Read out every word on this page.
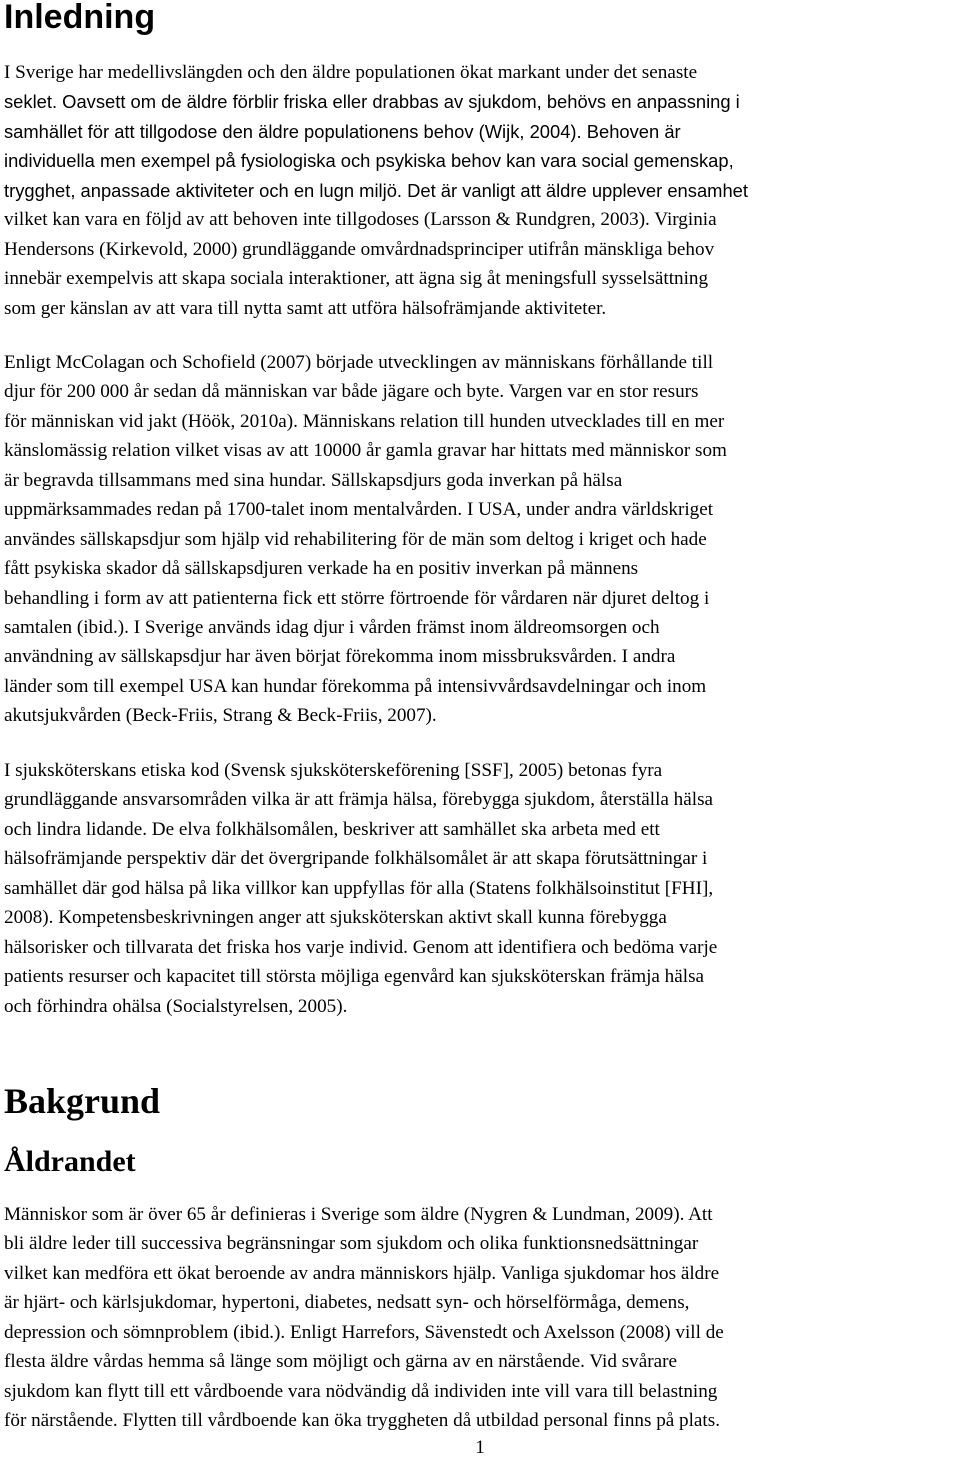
Inledning

I Sverige har medellivslängden och den äldre populationen ökat markant under det senaste
seklet. Oavsett om de äldre förblir friska eller drabbas av sjukdom, behövs en anpassning i
samhället för att tillgodose den äldre populationens behov (Wijk, 2004). Behoven är
individuella men exempel på fysiologiska och psykiska behov kan vara social gemenskap,
trygghet, anpassade aktiviteter och en lugn miljö. Det är vanligt att äldre upplever ensamhet
vilket kan vara en följd av att behoven inte tillgodoses (Larsson & Rundgren, 2003). Virginia
Hendersons (Kirkevold, 2000) grundläggande omvårdnadsprinciper utifrån mänskliga behov
innebär exempelvis att skapa sociala interaktioner, att ägna sig åt meningsfull sysselsättning
som ger känslan av att vara till nytta samt att utföra hälsofrämjande aktiviteter.

Enligt McColagan och Schofield (2007) började utvecklingen av människans förhållande till
djur för 200 000 år sedan då människan var både jägare och byte. Vargen var en stor resurs
för människan vid jakt (Höök, 2010a). Människans relation till hunden utvecklades till en mer
känslomässig relation vilket visas av att 10000 år gamla gravar har hittats med människor som
är begravda tillsammans med sina hundar. Sällskapsdjurs goda inverkan på hälsa
uppmärksammades redan på 1700-talet inom mentalvården. I USA, under andra världskriget
användes sällskapsdjur som hjälp vid rehabilitering för de män som deltog i kriget och hade
fått psykiska skador då sällskapsdjuren verkade ha en positiv inverkan på männens
behandling i form av att patienterna fick ett större förtroende för vårdaren när djuret deltog i
samtalen (ibid.). I Sverige används idag djur i vården främst inom äldreomsorgen och
användning av sällskapsdjur har även börjat förekomma inom missbruksvården. I andra
länder som till exempel USA kan hundar förekomma på intensivvårdsavdelningar och inom
akutsjukvården (Beck-Friis, Strang & Beck-Friis, 2007).

I sjuksköterskans etiska kod (Svensk sjuksköterskeförening [SSF], 2005) betonas fyra
grundläggande ansvarsområden vilka är att främja hälsa, förebygga sjukdom, återställa hälsa
och lindra lidande. De elva folkhälsomålen, beskriver att samhället ska arbeta med ett
hälsofrämjande perspektiv där det övergripande folkhälsomålet är att skapa förutsättningar i
samhället där god hälsa på lika villkor kan uppfyllas för alla (Statens folkhälsoinstitut [FHI],
2008). Kompetensbeskrivningen anger att sjuksköterskan aktivt skall kunna förebygga
hälsorisker och tillvarata det friska hos varje individ. Genom att identifiera och bedöma varje
patients resurser och kapacitet till största möjliga egenvård kan sjuksköterskan främja hälsa
och förhindra ohälsa (Socialstyrelsen, 2005).

Bakgrund
Åldrandet

Människor som är över 65 år definieras i Sverige som äldre (Nygren & Lundman, 2009). Att
bli äldre leder till successiva begränsningar som sjukdom och olika funktionsnedsättningar
vilket kan medföra ett ökat beroende av andra människors hjälp. Vanliga sjukdomar hos äldre
är hjärt- och kärlsjukdomar, hypertoni, diabetes, nedsatt syn- och hörselförmåga, demens,
depression och sömnproblem (ibid.). Enligt Harrefors, Sävenstedt och Axelsson (2008) vill de
flesta äldre vårdas hemma så länge som möjligt och gärna av en närstående. Vid svårare
sjukdom kan flytt till ett vårdboende vara nödvändig då individen inte vill vara till belastning
för närstående. Flytten till vårdboende kan öka tryggheten då utbildad personal finns på plats.

1
